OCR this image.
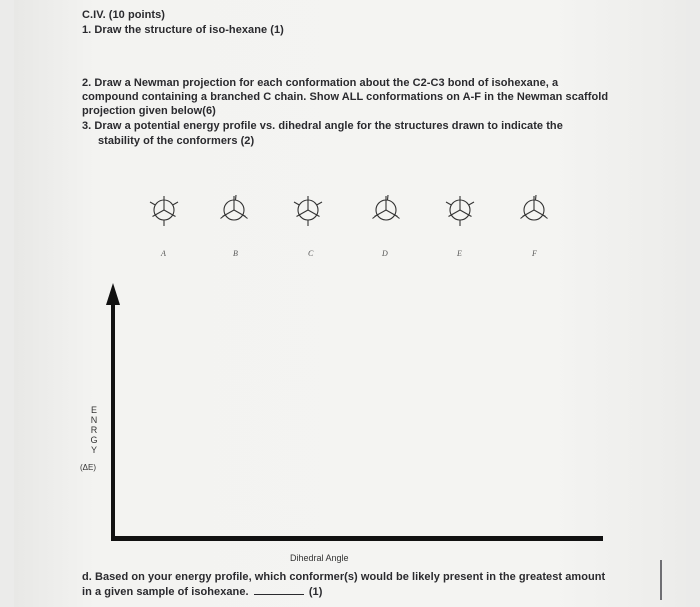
C.IV. (10 points)
1. Draw the structure of iso-hexane (1)
2. Draw a Newman projection for each conformation about the C2-C3 bond of isohexane, a
compound containing a branched C chain. Show ALL conformations on A-F in the Newman scaffold
projection given below(6)
3. Draw a potential energy profile vs. dihedral angle for the structures drawn to indicate the
stability of the conformers (2)
A	B	C	D	E	F
E
N
R
G
Y
(ΔE)
Dihedral Angle
d. Based on your energy profile, which conformer(s) would be likely present in the greatest amount
in a given sample of isohexane.	(1)
